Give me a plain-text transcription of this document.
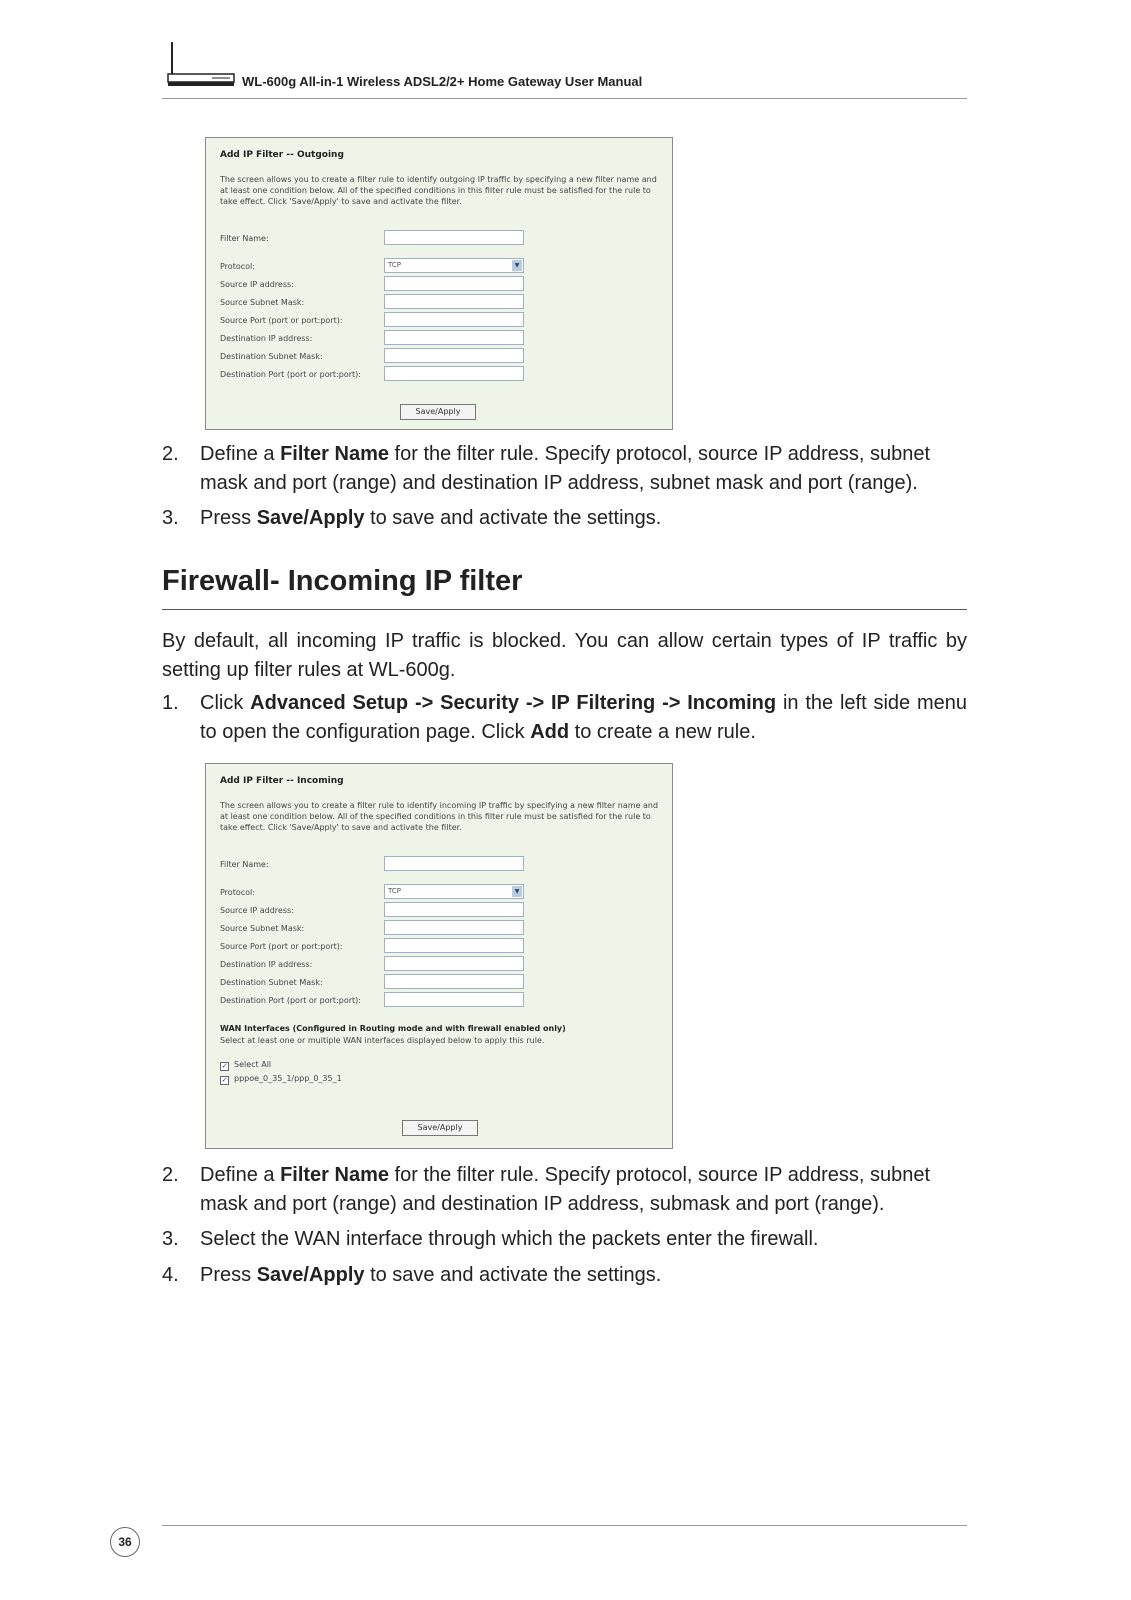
WL-600g All-in-1 Wireless ADSL2/2+ Home Gateway User Manual
Add IP Filter -- Outgoing
The screen allows you to create a filter rule to identify outgoing IP traffic by specifying a new filter name and at least one condition below. All of the specified conditions in this filter rule must be satisfied for the rule to take effect. Click 'Save/Apply' to save and activate the filter.
Filter Name:
Protocol:	TCP	▼
Source IP address:
Source Subnet Mask:
Source Port (port or port:port):
Destination IP address:
Destination Subnet Mask:
Destination Port (port or port:port):
Save/Apply
2. Define a Filter Name for the filter rule. Specify protocol, source IP address, subnet mask and port (range) and destination IP address, subnet mask and port (range).
3. Press Save/Apply to save and activate the settings.
Firewall- Incoming IP filter
By default, all incoming IP traffic is blocked. You can allow certain types of IP traffic by setting up filter rules at WL-600g.
1. Click Advanced Setup -> Security -> IP Filtering -> Incoming in the left side menu to open the configuration page. Click Add to create a new rule.
Add IP Filter -- Incoming
The screen allows you to create a filter rule to identify incoming IP traffic by specifying a new filter name and at least one condition below. All of the specified conditions in this filter rule must be satisfied for the rule to take effect. Click 'Save/Apply' to save and activate the filter.
Filter Name:
Protocol:	TCP	▼
Source IP address:
Source Subnet Mask:
Source Port (port or port:port):
Destination IP address:
Destination Subnet Mask:
Destination Port (port or port:port):
WAN Interfaces (Configured in Routing mode and with firewall enabled only)
Select at least one or multiple WAN interfaces displayed below to apply this rule.
✓ Select All
✓ pppoe_0_35_1/ppp_0_35_1
Save/Apply
2. Define a Filter Name for the filter rule. Specify protocol, source IP address, subnet mask and port (range) and destination IP address, submask and port (range).
3. Select the WAN interface through which the packets enter the firewall.
4. Press Save/Apply to save and activate the settings.
36
